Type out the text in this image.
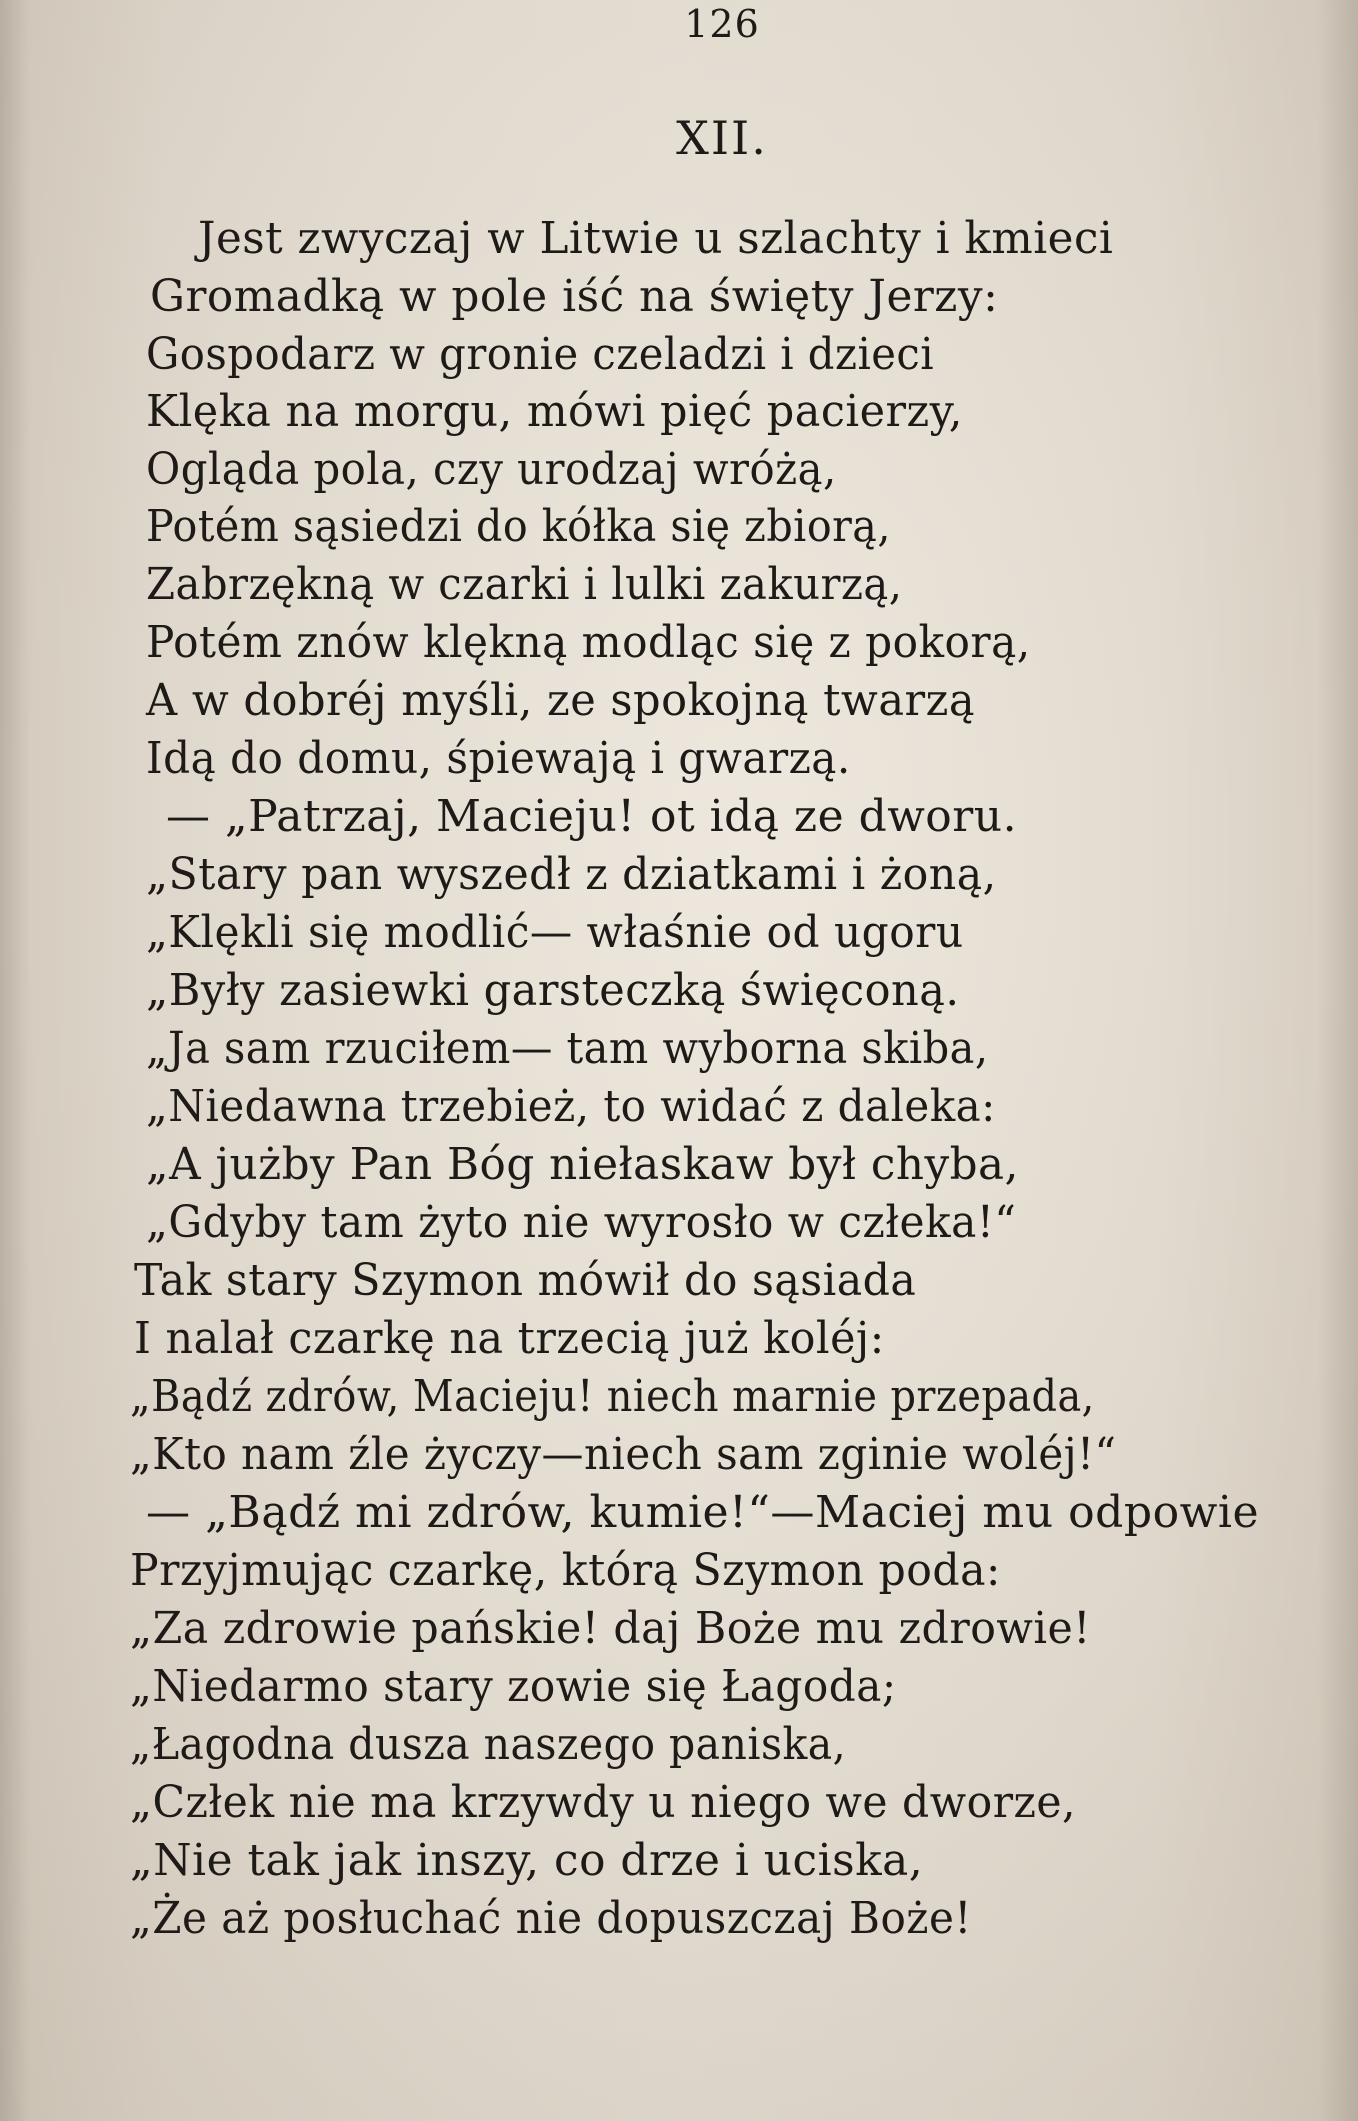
126
XII.
Jest zwyczaj w Litwie u szlachty i kmieci
Gromadką w pole iść na święty Jerzy:
Gospodarz w gronie czeladzi i dzieci
Klęka na morgu, mówi pięć pacierzy,
Ogląda pola, czy urodzaj wróżą,
Potém sąsiedzi do kółka się zbiorą,
Zabrzękną w czarki i lulki zakurzą,
Potém znów klękną modląc się z pokorą,
A w dobréj myśli, ze spokojną twarzą
Idą do domu, śpiewają i gwarzą.
— „Patrzaj, Macieju! ot idą ze dworu.
„Stary pan wyszedł z dziatkami i żoną,
„Klękli się modlić— właśnie od ugoru
„Były zasiewki garsteczką święconą.
„Ja sam rzuciłem— tam wyborna skiba,
„Niedawna trzebież, to widać z daleka:
„A jużby Pan Bóg niełaskaw był chyba,
„Gdyby tam żyto nie wyrosło w człeka!“
Tak stary Szymon mówił do sąsiada
I nalał czarkę na trzecią już koléj:
„Bądź zdrów, Macieju! niech marnie przepada,
„Kto nam źle życzy—niech sam zginie woléj!“
— „Bądź mi zdrów, kumie!“—Maciej mu odpowie
Przyjmując czarkę, którą Szymon poda:
„Za zdrowie pańskie! daj Boże mu zdrowie!
„Niedarmo stary zowie się Łagoda;
„Łagodna dusza naszego paniska,
„Człek nie ma krzywdy u niego we dworze,
„Nie tak jak inszy, co drze i uciska,
„Że aż posłuchać nie dopuszczaj Boże!
